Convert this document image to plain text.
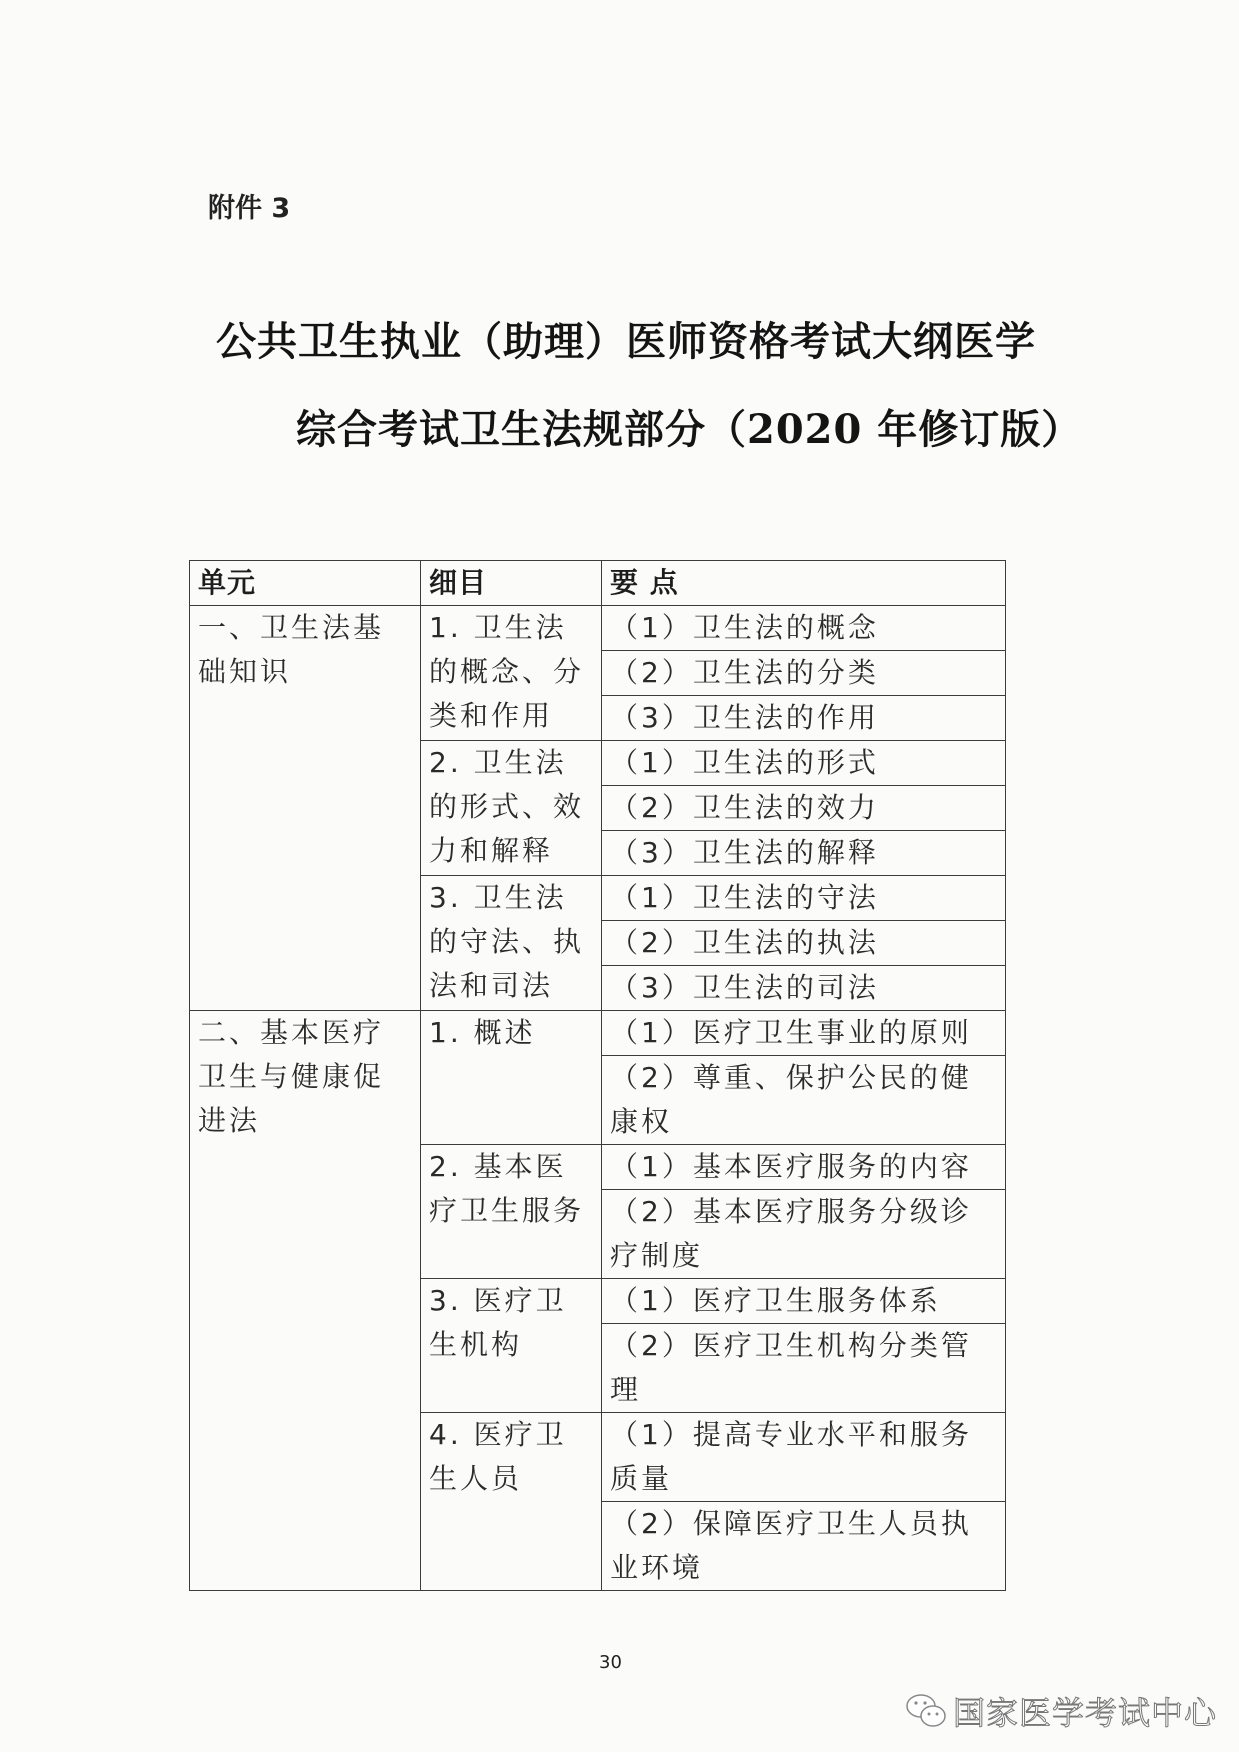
附件 3
公共卫生执业（助理）医师资格考试大纲医学
综合考试卫生法规部分（2020 年修订版）
单元	细目	要 点
一、卫生法基础知识	1. 卫生法的概念、分类和作用	（1）卫生法的概念
		（2）卫生法的分类
		（3）卫生法的作用
	2. 卫生法的形式、效力和解释	（1）卫生法的形式
		（2）卫生法的效力
		（3）卫生法的解释
	3. 卫生法的守法、执法和司法	（1）卫生法的守法
		（2）卫生法的执法
		（3）卫生法的司法
二、基本医疗卫生与健康促进法	1. 概述	（1）医疗卫生事业的原则
		（2）尊重、保护公民的健康权
	2. 基本医疗卫生服务	（1）基本医疗服务的内容
		（2）基本医疗服务分级诊疗制度
	3. 医疗卫生机构	（1）医疗卫生服务体系
		（2）医疗卫生机构分类管理
	4. 医疗卫生人员	（1）提高专业水平和服务质量
		（2）保障医疗卫生人员执业环境
30
国家医学考试中心
